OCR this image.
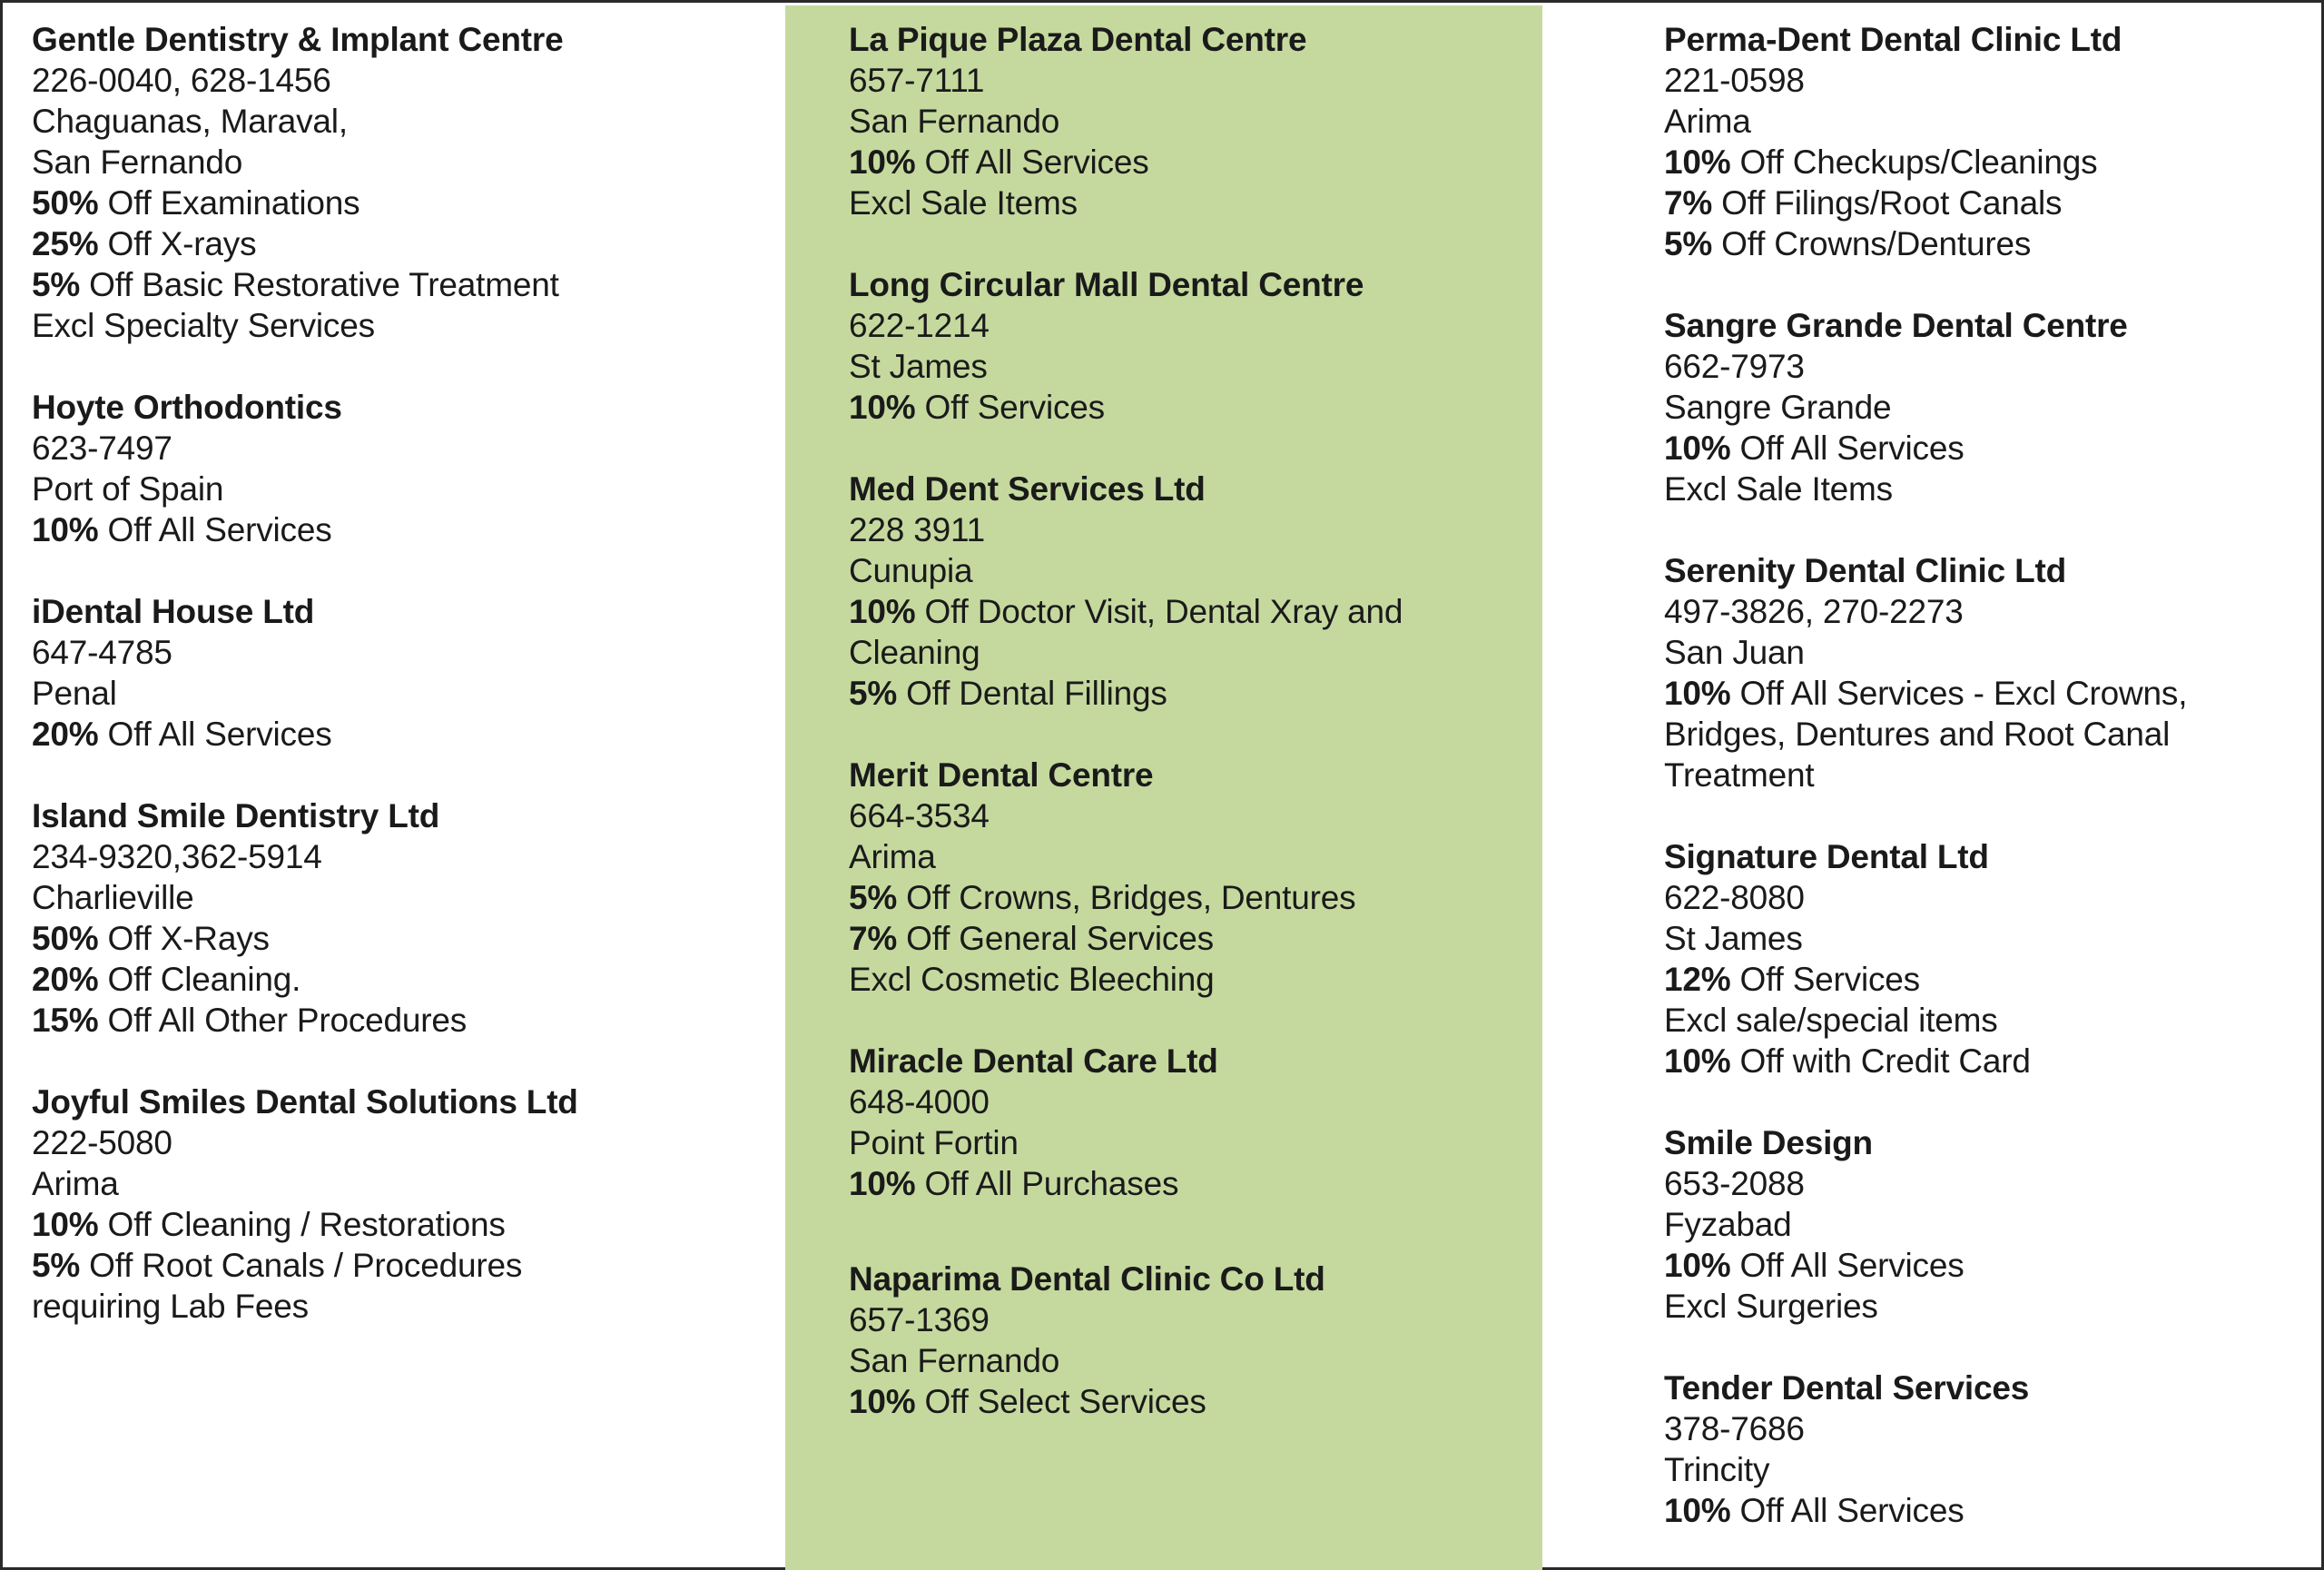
Gentle Dentistry & Implant Centre
226-0040, 628-1456
Chaguanas, Maraval,
San Fernando
50% Off Examinations
25% Off X-rays
5% Off Basic Restorative Treatment
Excl Specialty Services
Hoyte Orthodontics
623-7497
Port of Spain
10% Off All Services
iDental House Ltd
647-4785
Penal
20% Off All Services
Island Smile Dentistry Ltd
234-9320,362-5914
Charlieville
50% Off X-Rays
20% Off Cleaning.
15% Off All Other Procedures
Joyful Smiles Dental Solutions Ltd
222-5080
Arima
10% Off Cleaning / Restorations
5% Off Root Canals / Procedures
requiring Lab Fees
La Pique Plaza Dental Centre
657-7111
San Fernando
10% Off All Services
Excl Sale Items
Long Circular Mall Dental Centre
622-1214
St James
10% Off Services
Med Dent Services Ltd
228 3911
Cunupia
10% Off Doctor Visit, Dental Xray and
Cleaning
5% Off Dental Fillings
Merit Dental Centre
664-3534
Arima
5% Off Crowns, Bridges, Dentures
7% Off General Services
Excl Cosmetic Bleeching
Miracle Dental Care Ltd
648-4000
Point Fortin
10% Off All Purchases
Naparima Dental Clinic Co Ltd
657-1369
San Fernando
10% Off Select Services
Perma-Dent Dental Clinic Ltd
221-0598
Arima
10% Off Checkups/Cleanings
7% Off Filings/Root Canals
5% Off Crowns/Dentures
Sangre Grande Dental Centre
662-7973
Sangre Grande
10% Off All Services
Excl Sale Items
Serenity Dental Clinic Ltd
497-3826, 270-2273
San Juan
10% Off All Services - Excl Crowns,
Bridges, Dentures and Root Canal
Treatment
Signature Dental Ltd
622-8080
St James
12% Off Services
Excl sale/special items
10% Off with Credit Card
Smile Design
653-2088
Fyzabad
10% Off All Services
Excl Surgeries
Tender Dental Services
378-7686
Trincity
10% Off All Services
